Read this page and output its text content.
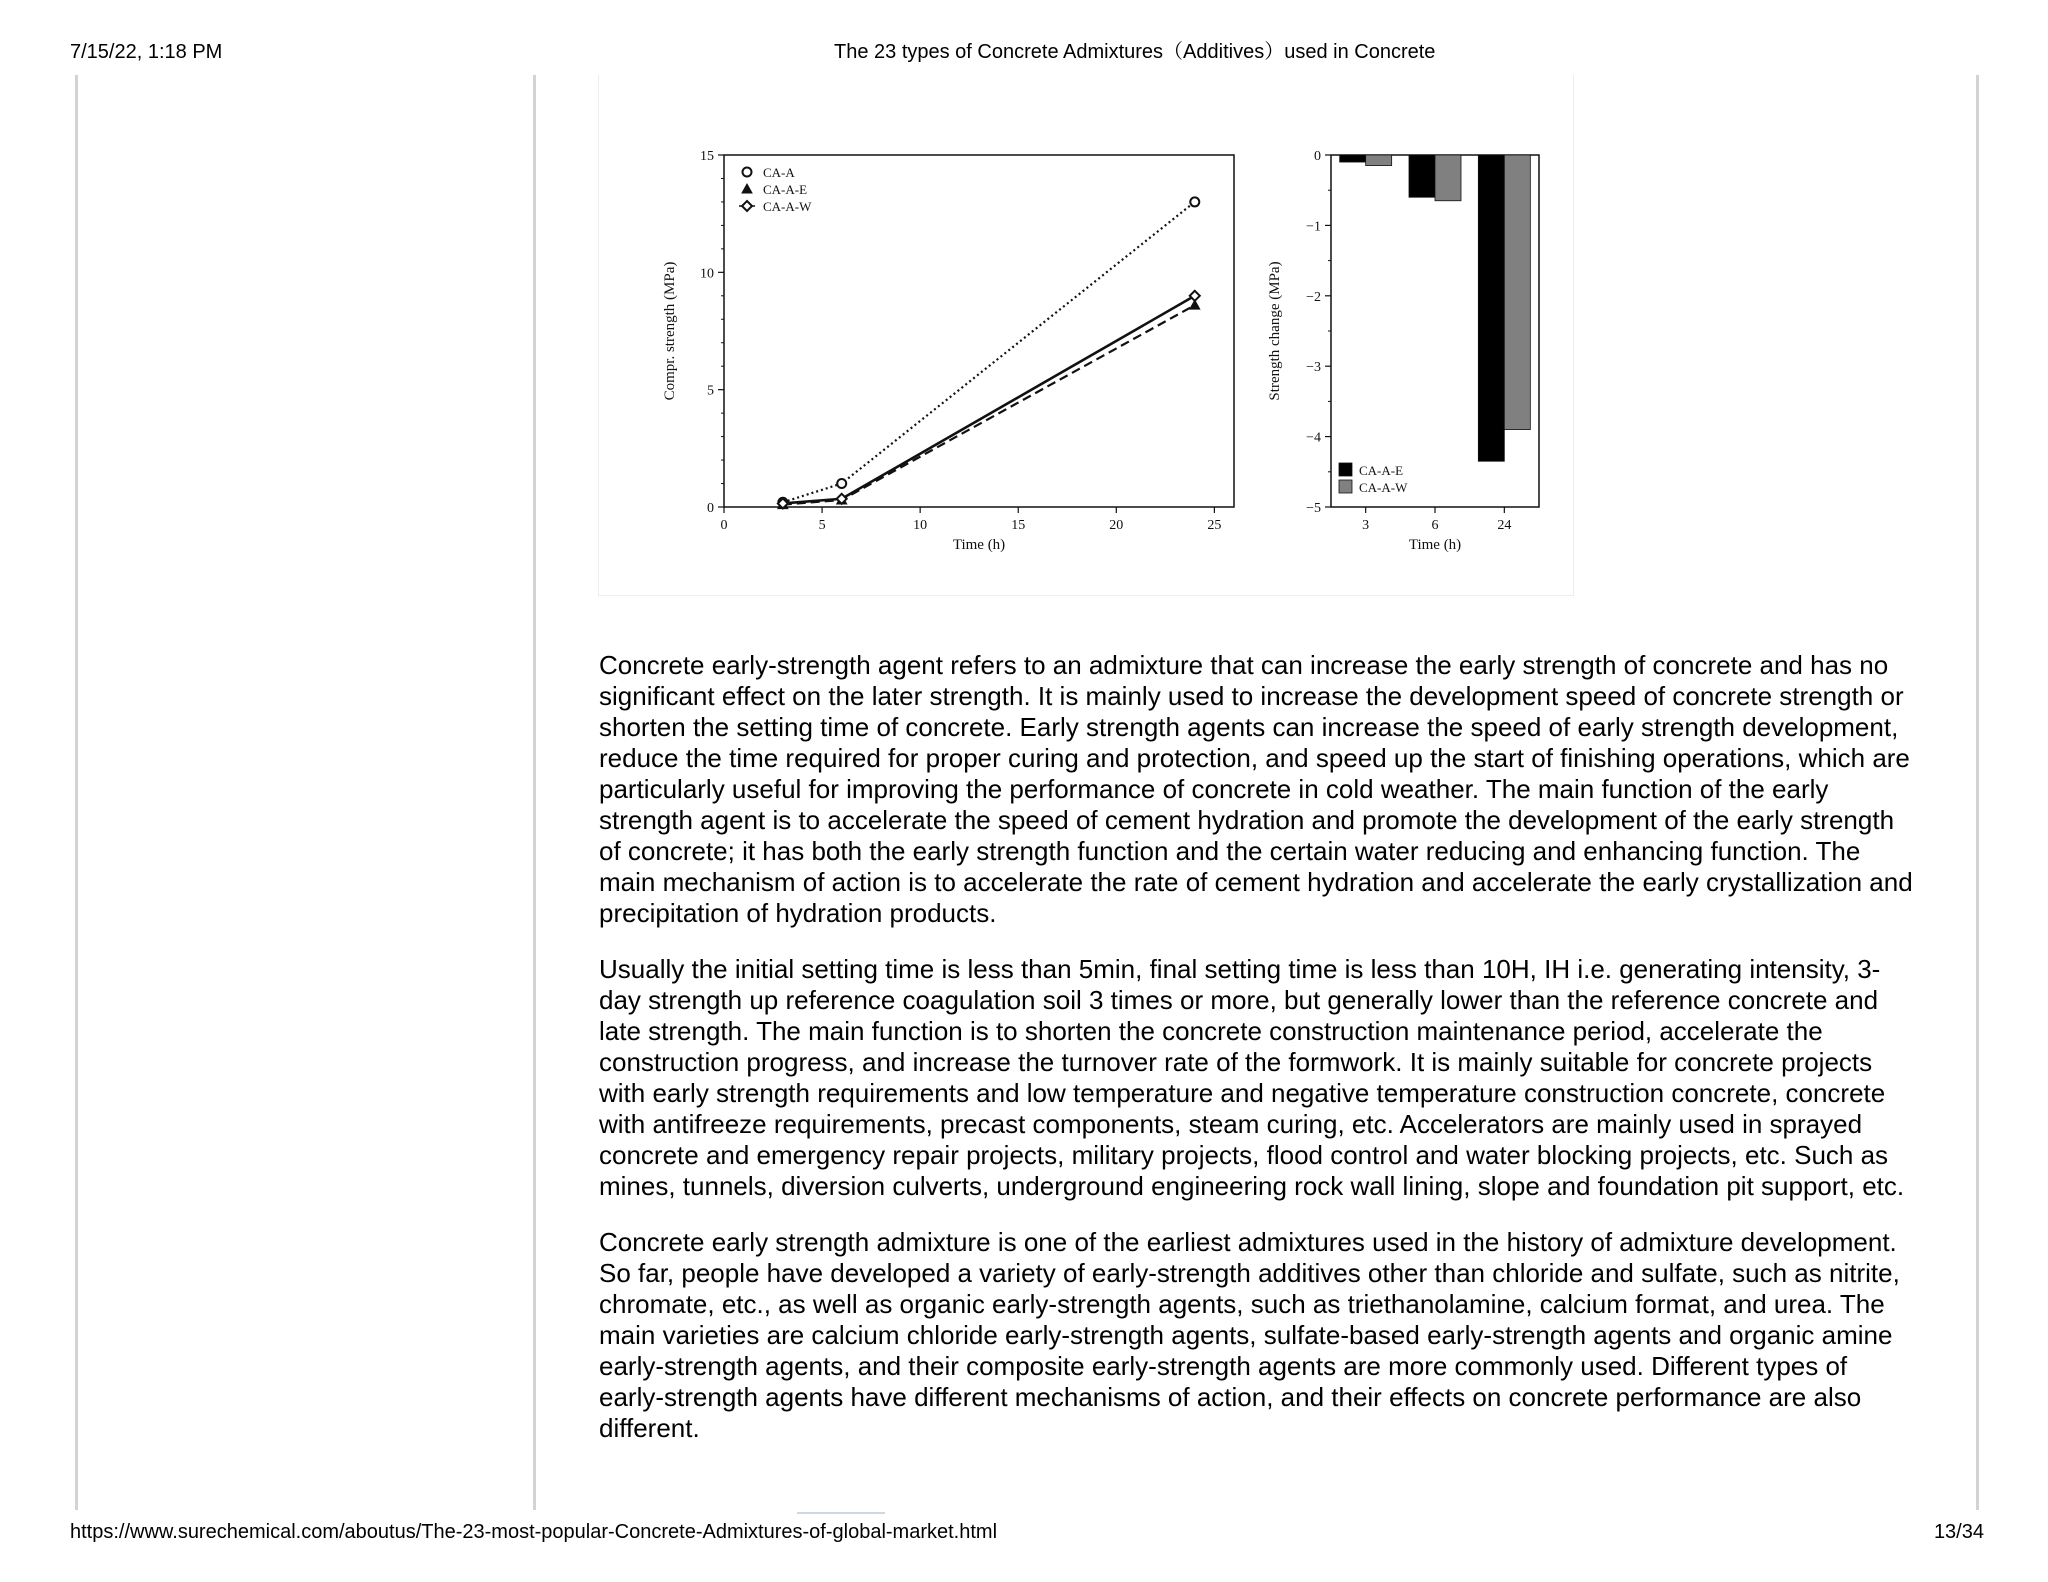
7/15/22, 1:18 PM	The 23 types of Concrete Admixtures（Additives）used in Concrete
0	5	10	15	20	25
0
5
10
15
Time (h)
Compr. strength (MPa)
CA-A
CA-A-E
CA-A-W
0
−1
−2
−3
−4
−5
3	6	24
Time (h)
Strength change (MPa)
CA-A-E
CA-A-W

Concrete early-strength agent refers to an admixture that can increase the early strength of concrete and has no significant effect on the later strength. It is mainly used to increase the development speed of concrete strength or shorten the setting time of concrete. Early strength agents can increase the speed of early strength development, reduce the time required for proper curing and protection, and speed up the start of finishing operations, which are particularly useful for improving the performance of concrete in cold weather. The main function of the early strength agent is to accelerate the speed of cement hydration and promote the development of the early strength of concrete; it has both the early strength function and the certain water reducing and enhancing function. The main mechanism of action is to accelerate the rate of cement hydration and accelerate the early crystallization and precipitation of hydration products.

Usually the initial setting time is less than 5min, final setting time is less than 10H, IH i.e. generating intensity, 3-day strength up reference coagulation soil 3 times or more, but generally lower than the reference concrete and late strength. The main function is to shorten the concrete construction maintenance period, accelerate the construction progress, and increase the turnover rate of the formwork. It is mainly suitable for concrete projects with early strength requirements and low temperature and negative temperature construction concrete, concrete with antifreeze requirements, precast components, steam curing, etc. Accelerators are mainly used in sprayed concrete and emergency repair projects, military projects, flood control and water blocking projects, etc. Such as mines, tunnels, diversion culverts, underground engineering rock wall lining, slope and foundation pit support, etc.

Concrete early strength admixture is one of the earliest admixtures used in the history of admixture development. So far, people have developed a variety of early-strength additives other than chloride and sulfate, such as nitrite, chromate, etc., as well as organic early-strength agents, such as triethanolamine, calcium format, and urea. The main varieties are calcium chloride early-strength agents, sulfate-based early-strength agents and organic amine early-strength agents, and their composite early-strength agents are more commonly used. Different types of early-strength agents have different mechanisms of action, and their effects on concrete performance are also different.

https://www.surechemical.com/aboutus/The-23-most-popular-Concrete-Admixtures-of-global-market.html	13/34
